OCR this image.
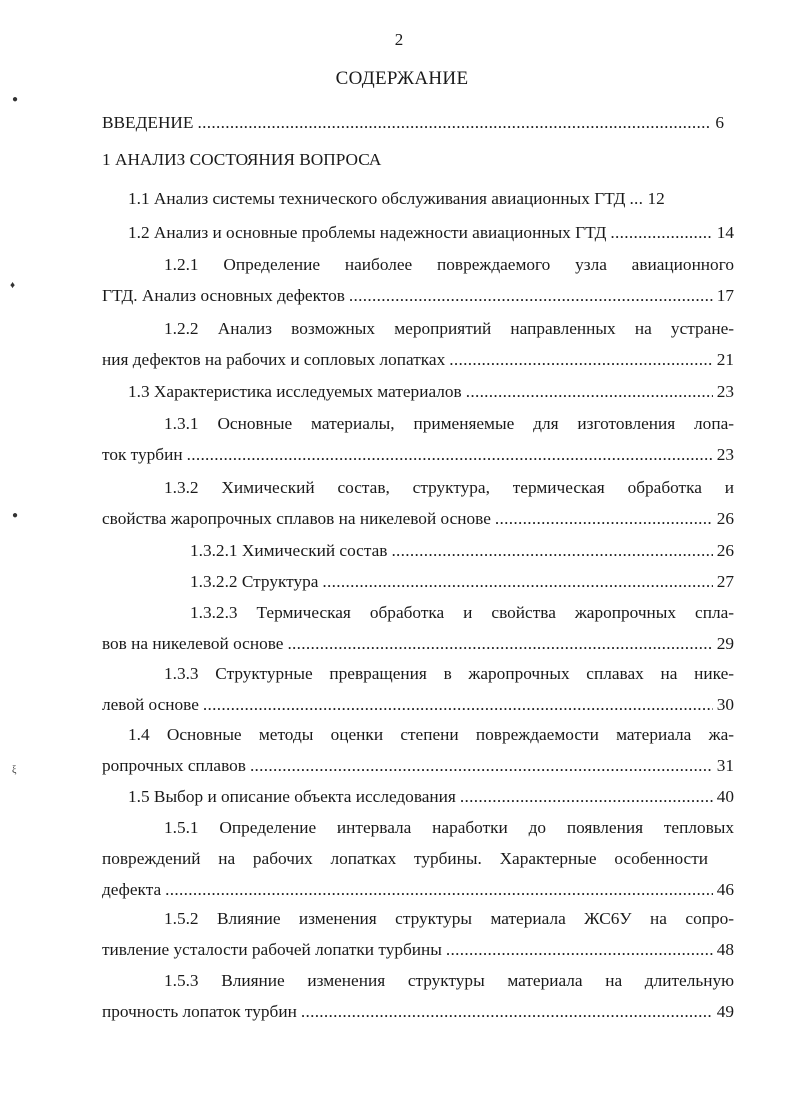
2
СОДЕРЖАНИЕ
●
♦
●
ξ
ВВЕДЕНИЕ .....	6
1 АНАЛИЗ СОСТОЯНИЯ ВОПРОСА
1.1 Анализ системы технического обслуживания авиационных ГТД ..... 12
1.2 Анализ и основные проблемы надежности авиационных ГТД .....	14
1.2.1 Определение наиболее повреждаемого узла авиационного
ГТД. Анализ основных дефектов .....	17
1.2.2 Анализ возможных мероприятий направленных на устране-
ния дефектов на рабочих и сопловых лопатках .....	21
1.3 Характеристика исследуемых материалов .....	23
1.3.1 Основные материалы, применяемые для изготовления лопа-
ток турбин .....	23
1.3.2 Химический состав, структура, термическая обработка и
свойства жаропрочных сплавов на никелевой основе .....	26
1.3.2.1 Химический состав .....	26
1.3.2.2 Структура .....	27
1.3.2.3 Термическая обработка и свойства жаропрочных спла-
вов на никелевой основе .....	29
1.3.3 Структурные превращения в жаропрочных сплавах на нике-
левой основе .....	30
1.4 Основные методы оценки степени повреждаемости материала жа-
ропрочных сплавов .....	31
1.5 Выбор и описание объекта исследования .....	40
1.5.1 Определение интервала наработки до появления тепловых
повреждений на рабочих лопатках турбины. Характерные особенности
дефекта .....	46
1.5.2 Влияние изменения структуры материала ЖС6У на сопро-
тивление усталости рабочей лопатки турбины .....	48
1.5.3 Влияние изменения структуры материала на длительную
прочность лопаток турбин .....	49
